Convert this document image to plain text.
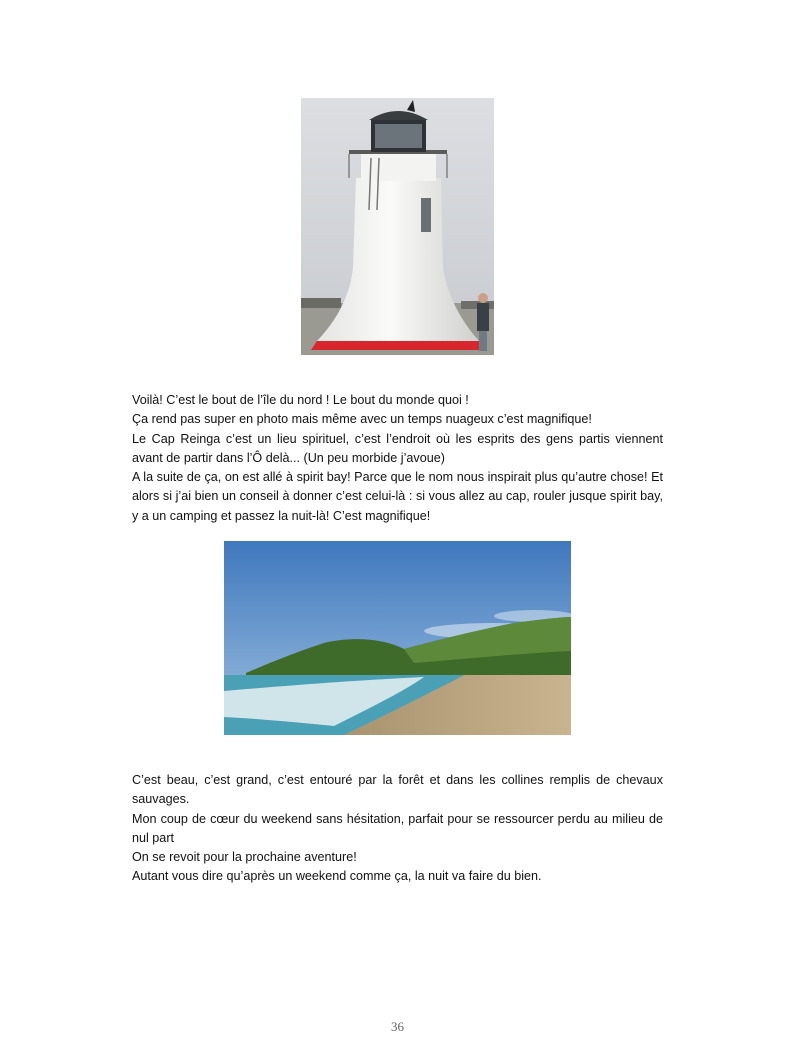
Voilà! C’est le bout de l’île du nord ! Le bout du monde quoi !

Ça rend pas super en photo mais même avec un temps nuageux c’est magnifique!

Le Cap Reinga c’est un lieu spirituel, c’est l’endroit où les esprits des gens partis viennent avant de partir dans l’Ô delà... (Un peu morbide j’avoue)

A la suite de ça, on est allé à spirit bay! Parce que le nom nous inspirait plus qu’autre chose! Et alors si j’ai bien un conseil à donner c’est celui-là : si vous allez au cap, rouler jusque spirit bay, y a un camping et passez la nuit-là! C’est magnifique!

C’est beau, c’est grand, c’est entouré par la forêt et dans les collines remplis de chevaux sauvages.

Mon coup de cœur du weekend sans hésitation, parfait pour se ressourcer perdu au milieu de nul part

On se revoit pour la prochaine aventure!

Autant vous dire qu’après un weekend comme ça, la nuit va faire du bien.

36
